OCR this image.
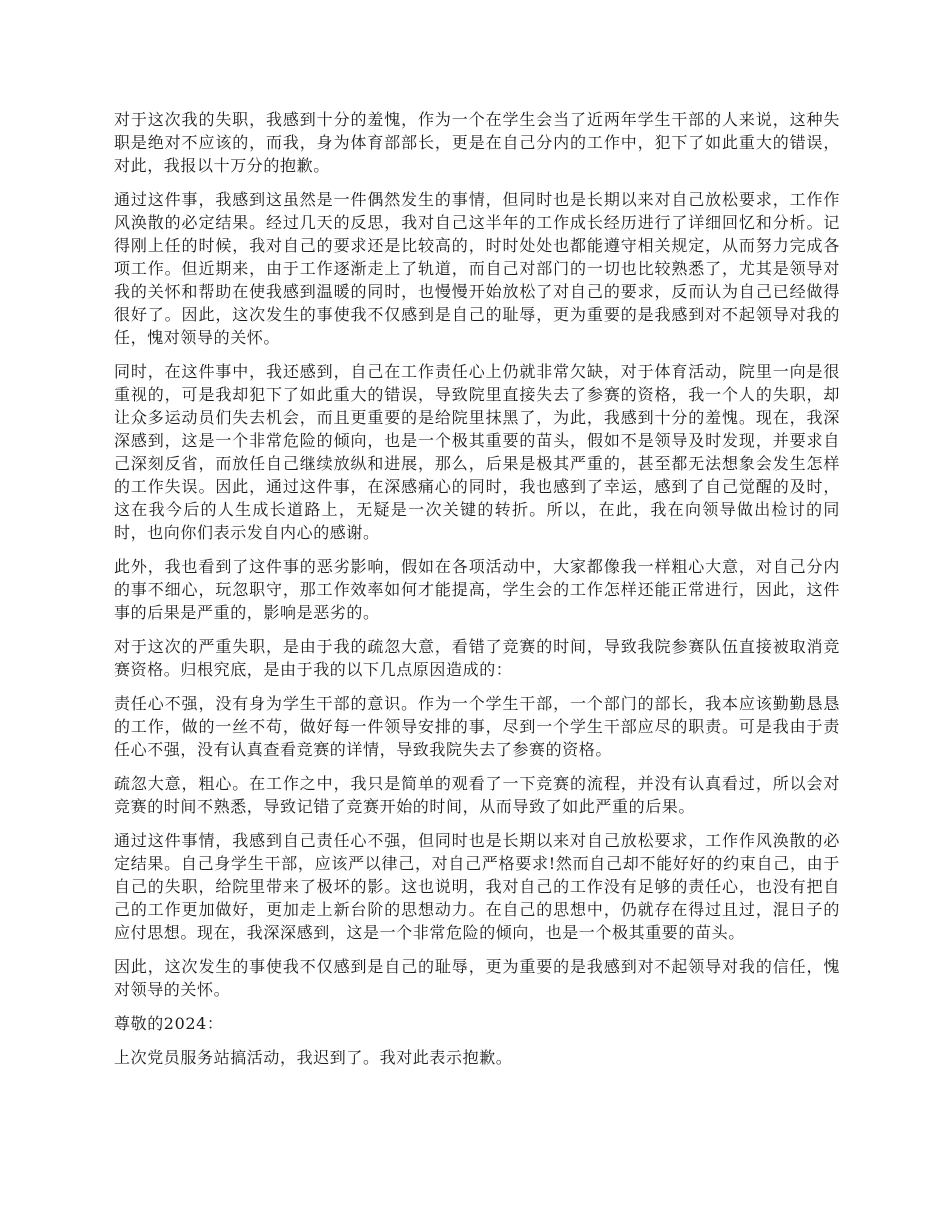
对于这次我的失职，我感到十分的羞愧，作为一个在学生会当了近两年学生干部的人来说，这种失职是绝对不应该的，而我，身为体育部部长，更是在自己分内的工作中，犯下了如此重大的错误，对此，我报以十万分的抱歉。

通过这件事，我感到这虽然是一件偶然发生的事情，但同时也是长期以来对自己放松要求，工作作风涣散的必定结果。经过几天的反思，我对自己这半年的工作成长经历进行了详细回忆和分析。记得刚上任的时候，我对自己的要求还是比较高的，时时处处也都能遵守相关规定，从而努力完成各项工作。但近期来，由于工作逐渐走上了轨道，而自己对部门的一切也比较熟悉了，尤其是领导对我的关怀和帮助在使我感到温暖的同时，也慢慢开始放松了对自己的要求，反而认为自己已经做得很好了。因此，这次发生的事使我不仅感到是自己的耻辱，更为重要的是我感到对不起领导对我的任，愧对领导的关怀。

同时，在这件事中，我还感到，自己在工作责任心上仍就非常欠缺，对于体育活动，院里一向是很重视的，可是我却犯下了如此重大的错误，导致院里直接失去了参赛的资格，我一个人的失职，却让众多运动员们失去机会，而且更重要的是给院里抹黑了，为此，我感到十分的羞愧。现在，我深深感到，这是一个非常危险的倾向，也是一个极其重要的苗头，假如不是领导及时发现，并要求自己深刻反省，而放任自己继续放纵和进展，那么，后果是极其严重的，甚至都无法想象会发生怎样的工作失误。因此，通过这件事，在深感痛心的同时，我也感到了幸运，感到了自己觉醒的及时，这在我今后的人生成长道路上，无疑是一次关键的转折。所以，在此，我在向领导做出检讨的同时，也向你们表示发自内心的感谢。

此外，我也看到了这件事的恶劣影响，假如在各项活动中，大家都像我一样粗心大意，对自己分内的事不细心，玩忽职守，那工作效率如何才能提高，学生会的工作怎样还能正常进行，因此，这件事的后果是严重的，影响是恶劣的。

对于这次的严重失职，是由于我的疏忽大意，看错了竞赛的时间，导致我院参赛队伍直接被取消竞赛资格。归根究底，是由于我的以下几点原因造成的：

责任心不强，没有身为学生干部的意识。作为一个学生干部，一个部门的部长，我本应该勤勤恳恳的工作，做的一丝不苟，做好每一件领导安排的事，尽到一个学生干部应尽的职责。可是我由于责任心不强，没有认真查看竞赛的详情，导致我院失去了参赛的资格。

疏忽大意，粗心。在工作之中，我只是简单的观看了一下竞赛的流程，并没有认真看过，所以会对竞赛的时间不熟悉，导致记错了竞赛开始的时间，从而导致了如此严重的后果。

通过这件事情，我感到自己责任心不强，但同时也是长期以来对自己放松要求，工作作风涣散的必定结果。自己身学生干部，应该严以律己，对自己严格要求!然而自己却不能好好的约束自己，由于自己的失职，给院里带来了极坏的影。这也说明，我对自己的工作没有足够的责任心，也没有把自己的工作更加做好，更加走上新台阶的思想动力。在自己的思想中，仍就存在得过且过，混日子的应付思想。现在，我深深感到，这是一个非常危险的倾向，也是一个极其重要的苗头。

因此，这次发生的事使我不仅感到是自己的耻辱，更为重要的是我感到对不起领导对我的信任，愧对领导的关怀。

尊敬的2024：

上次党员服务站搞活动，我迟到了。我对此表示抱歉。
